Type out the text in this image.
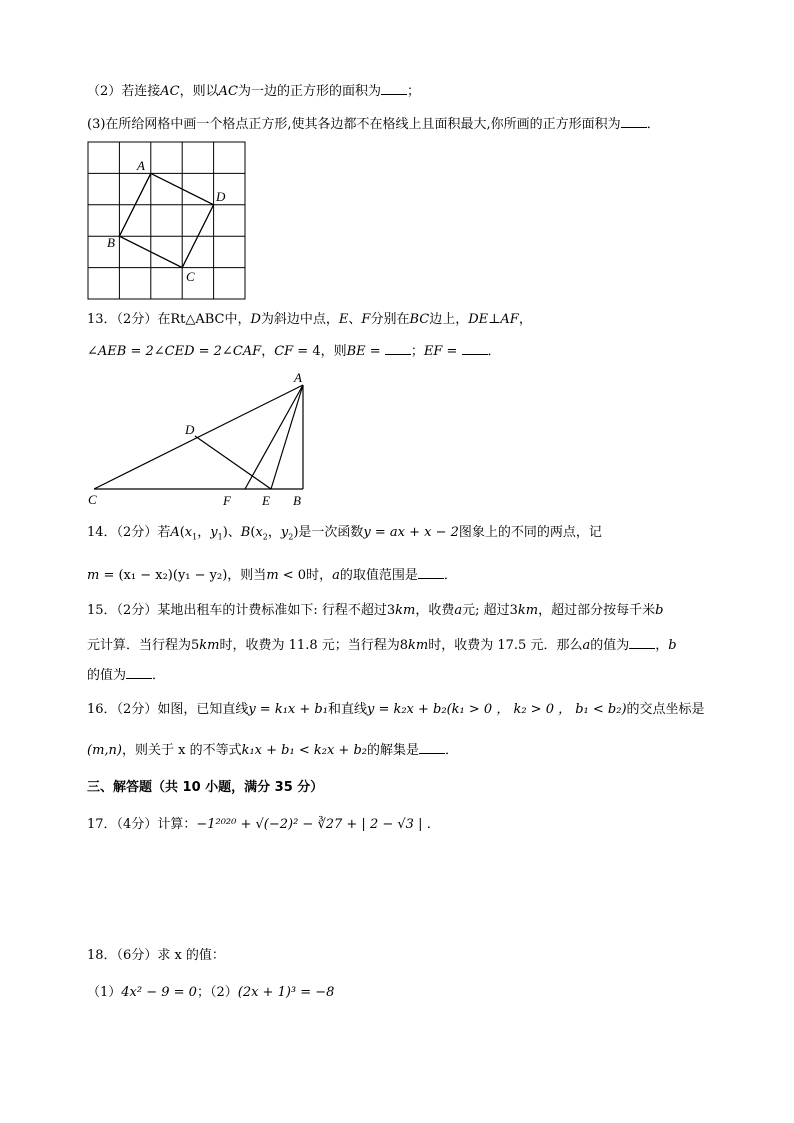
（2）若连接AC，则以AC为一边的正方形的面积为 ；
(3)在所给网格中画一个格点正方形,使其各边都不在格线上且面积最大,你所画的正方形面积为 ．
A
D
B
C
13．（2分）在Rt△ABC中，D为斜边中点，E、F分别在BC边上，DE⊥AF，
∠AEB = 2∠CED = 2∠CAF，CF = 4，则BE = ；EF = ．
A
D
C	F E B
14．（2分）若$A(x_1$，$y_1$)、$B(x_2$，$y_2$)是一次函数y = ax + x − 2图象上的不同的两点，记
m = (x₁ − x₂)(y₁ − y₂)，则当m < 0时，a的取值范围是 ．
15．（2分）某地出租车的计费标准如下: 行程不超过3km，收费a元; 超过3km，超过部分按每千米b
元计算．当行程为5km时，收费为 11.8 元；当行程为8km时，收费为 17.5 元．那么a的值为 ，b
的值为 ．
16．（2分）如图，已知直线y = k₁x + b₁和直线y = k₂x + b₂(k₁ > 0 ， k₂ > 0 ， b₁ < b₂)的交点坐标是
(m,n)，则关于 x 的不等式k₁x + b₁ < k₂x + b₂的解集是 ．
三、解答题（共 10 小题，满分 35 分）
17．（4分）计算：−1²⁰²⁰ + √(−2)² − ∛27 + | 2 − √3 | ．
18．（6分）求 x 的值：
（1）4x² − 9 = 0；（2）(2x + 1)³ = −8
